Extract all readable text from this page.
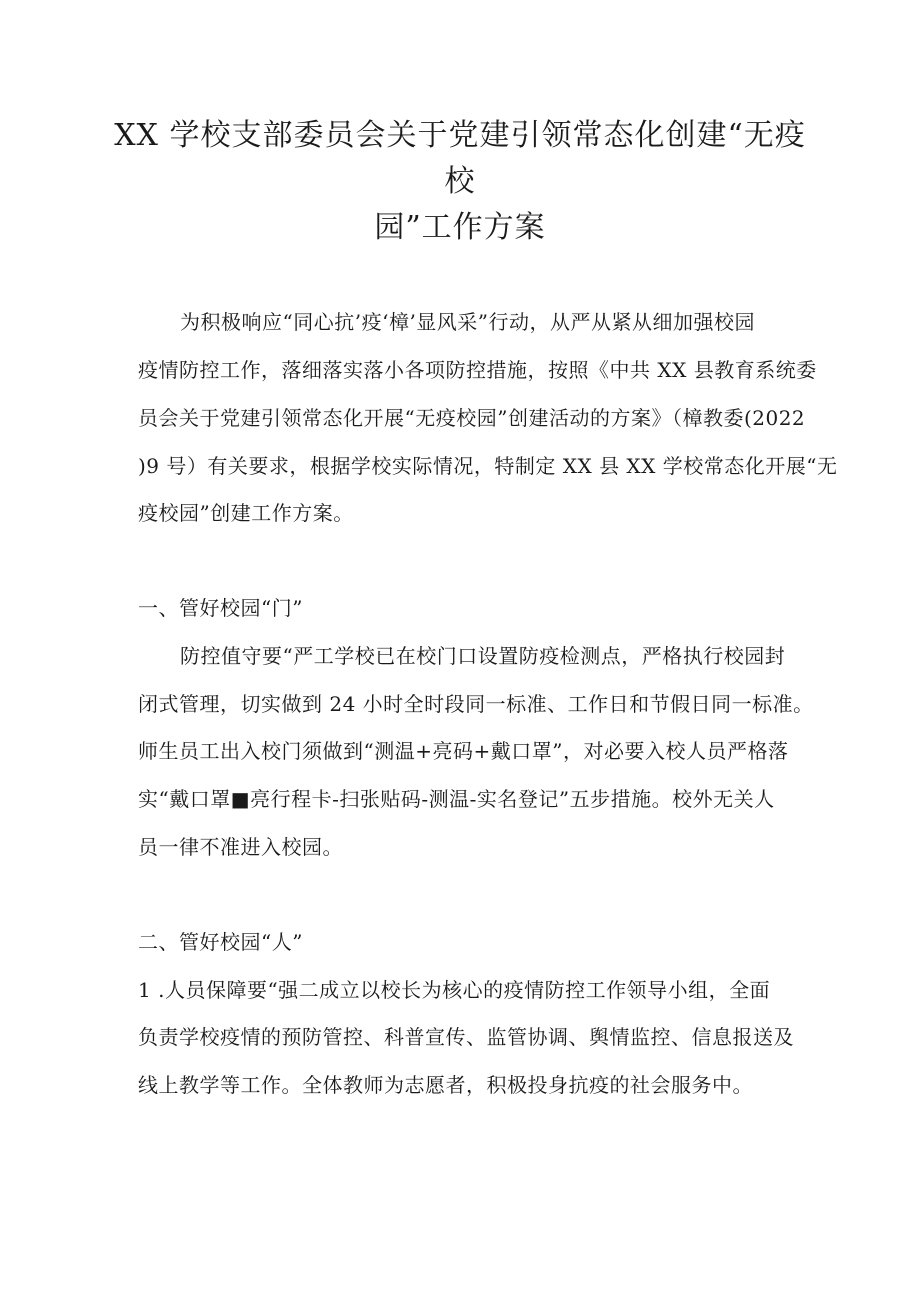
XX 学校支部委员会关于党建引领常态化创建“无疫
校
园”工作方案
为积极响应“同心抗’疫‘樟’显风采”行动，从严从紧从细加强校园
疫情防控工作，落细落实落小各项防控措施，按照《中共 XX 县教育系统委
员会关于党建引领常态化开展“无疫校园”创建活动的方案》（樟教委(2022
)9 号）有关要求，根据学校实际情况，特制定 XX 县 XX 学校常态化开展“无
疫校园”创建工作方案。
一、管好校园“门”
防控值守要“严工学校已在校门口设置防疫检测点，严格执行校园封
闭式管理，切实做到 24 小时全时段同一标准、工作日和节假日同一标准。
师生员工出入校门须做到“测温+亮码+戴口罩”，对必要入校人员严格落
实“戴口罩■亮行程卡-扫张贴码-测温-实名登记”五步措施。校外无关人
员一律不准进入校园。
二、管好校园“人”
1 .人员保障要“强二成立以校长为核心的疫情防控工作领导小组，全面
负责学校疫情的预防管控、科普宣传、监管协调、舆情监控、信息报送及
线上教学等工作。全体教师为志愿者，积极投身抗疫的社会服务中。
